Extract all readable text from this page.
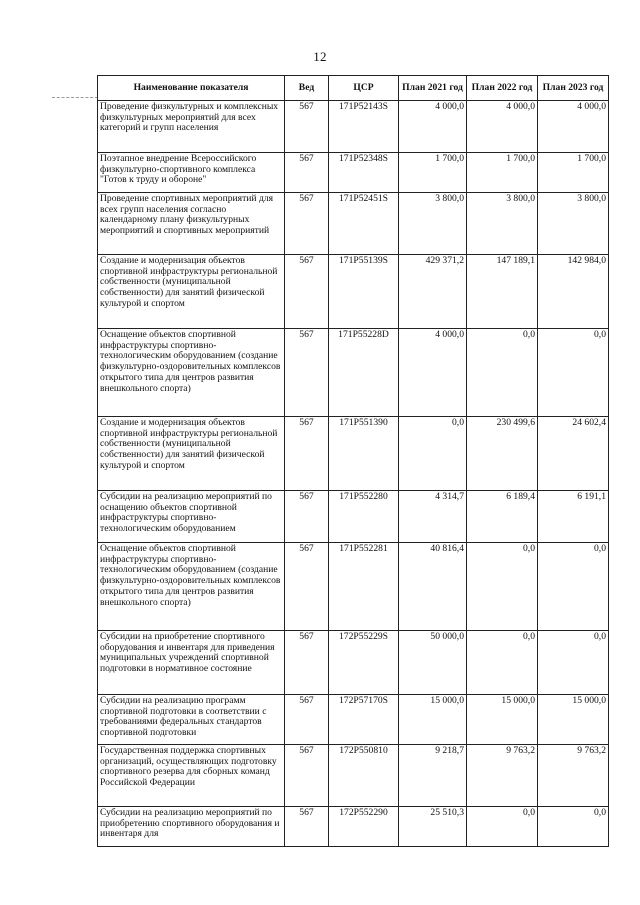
12
Наименование показателя	Вед	ЦСР	План 2021 год	План 2022 год	План 2023 год
Проведение физкультурных и комплексных физкультурных мероприятий для всех категорий и групп населения	567	171P52143S	4 000,0	4 000,0	4 000,0
Поэтапное внедрение Всероссийского физкультурно-спортивного комплекса "Готов к труду и обороне"	567	171P52348S	1 700,0	1 700,0	1 700,0
Проведение спортивных мероприятий для всех групп населения согласно календарному плану физкультурных мероприятий и спортивных мероприятий	567	171P52451S	3 800,0	3 800,0	3 800,0
Создание и модернизация объектов спортивной инфраструктуры региональной собственности (муниципальной собственности) для занятий физической культурой и спортом	567	171P55139S	429 371,2	147 189,1	142 984,0
Оснащение объектов спортивной инфраструктуры спортивно-технологическим оборудованием (создание физкультурно-оздоровительных комплексов открытого типа для центров развития внешкольного спорта)	567	171P55228D	4 000,0	0,0	0,0
Создание и модернизация объектов спортивной инфраструктуры региональной собственности (муниципальной собственности) для занятий физической культурой и спортом	567	171P551390	0,0	230 499,6	24 602,4
Субсидии на реализацию мероприятий по оснащению объектов спортивной инфраструктуры спортивно-технологическим оборудованием	567	171P552280	4 314,7	6 189,4	6 191,1
Оснащение объектов спортивной инфраструктуры спортивно-технологическим оборудованием (создание физкультурно-оздоровительных комплексов открытого типа для центров развития внешкольного спорта)	567	171P552281	40 816,4	0,0	0,0
Субсидии на приобретение спортивного оборудования и инвентаря для приведения муниципальных учреждений спортивной подготовки в нормативное состояние	567	172P55229S	50 000,0	0,0	0,0
Субсидии на реализацию программ спортивной подготовки в соответствии с требованиями федеральных стандартов спортивной подготовки	567	172P57170S	15 000,0	15 000,0	15 000,0
Государственная поддержка спортивных организаций, осуществляющих подготовку спортивного резерва для сборных команд Российской Федерации	567	172P550810	9 218,7	9 763,2	9 763,2
Субсидии на реализацию мероприятий по приобретению спортивного оборудования и инвентаря для	567	172P552290	25 510,3	0,0	0,0
